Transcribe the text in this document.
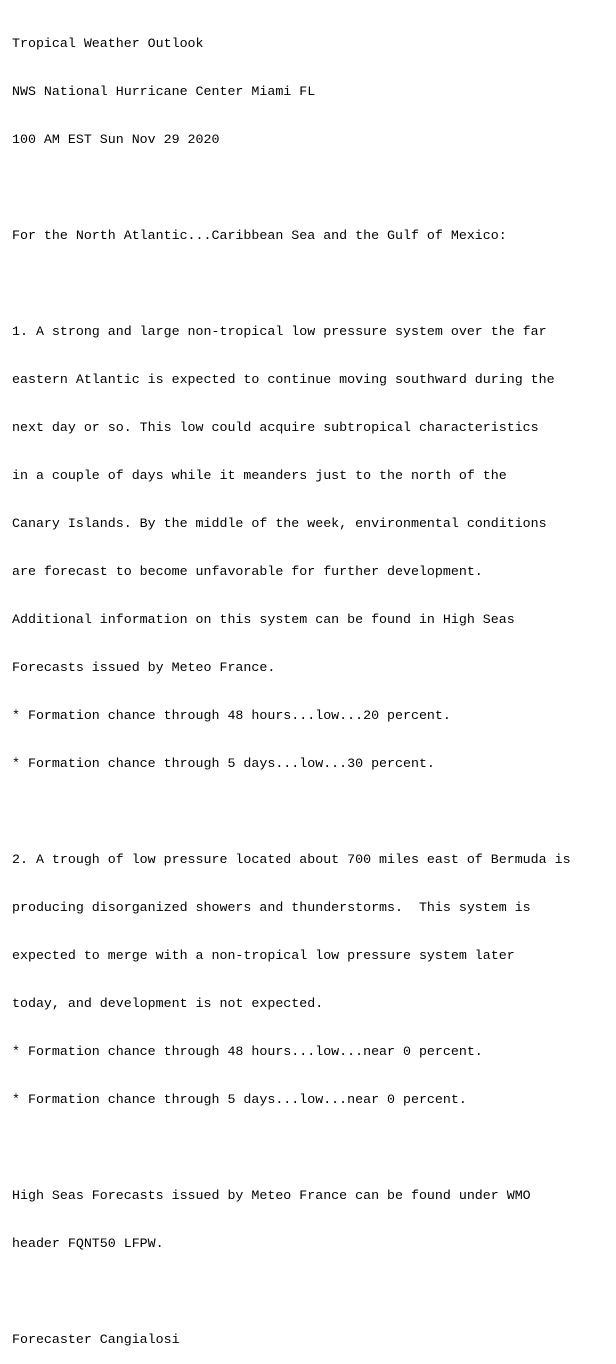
Tropical Weather Outlook

NWS National Hurricane Center Miami FL

100 AM EST Sun Nov 29 2020

For the North Atlantic...Caribbean Sea and the Gulf of Mexico:

1. A strong and large non-tropical low pressure system over the far

eastern Atlantic is expected to continue moving southward during the

next day or so. This low could acquire subtropical characteristics

in a couple of days while it meanders just to the north of the

Canary Islands. By the middle of the week, environmental conditions

are forecast to become unfavorable for further development.

Additional information on this system can be found in High Seas

Forecasts issued by Meteo France.

* Formation chance through 48 hours...low...20 percent.

* Formation chance through 5 days...low...30 percent.

2. A trough of low pressure located about 700 miles east of Bermuda is

producing disorganized showers and thunderstorms.  This system is

expected to merge with a non-tropical low pressure system later

today, and development is not expected.

* Formation chance through 48 hours...low...near 0 percent.

* Formation chance through 5 days...low...near 0 percent.

High Seas Forecasts issued by Meteo France can be found under WMO

header FQNT50 LFPW.

Forecaster Cangialosi
